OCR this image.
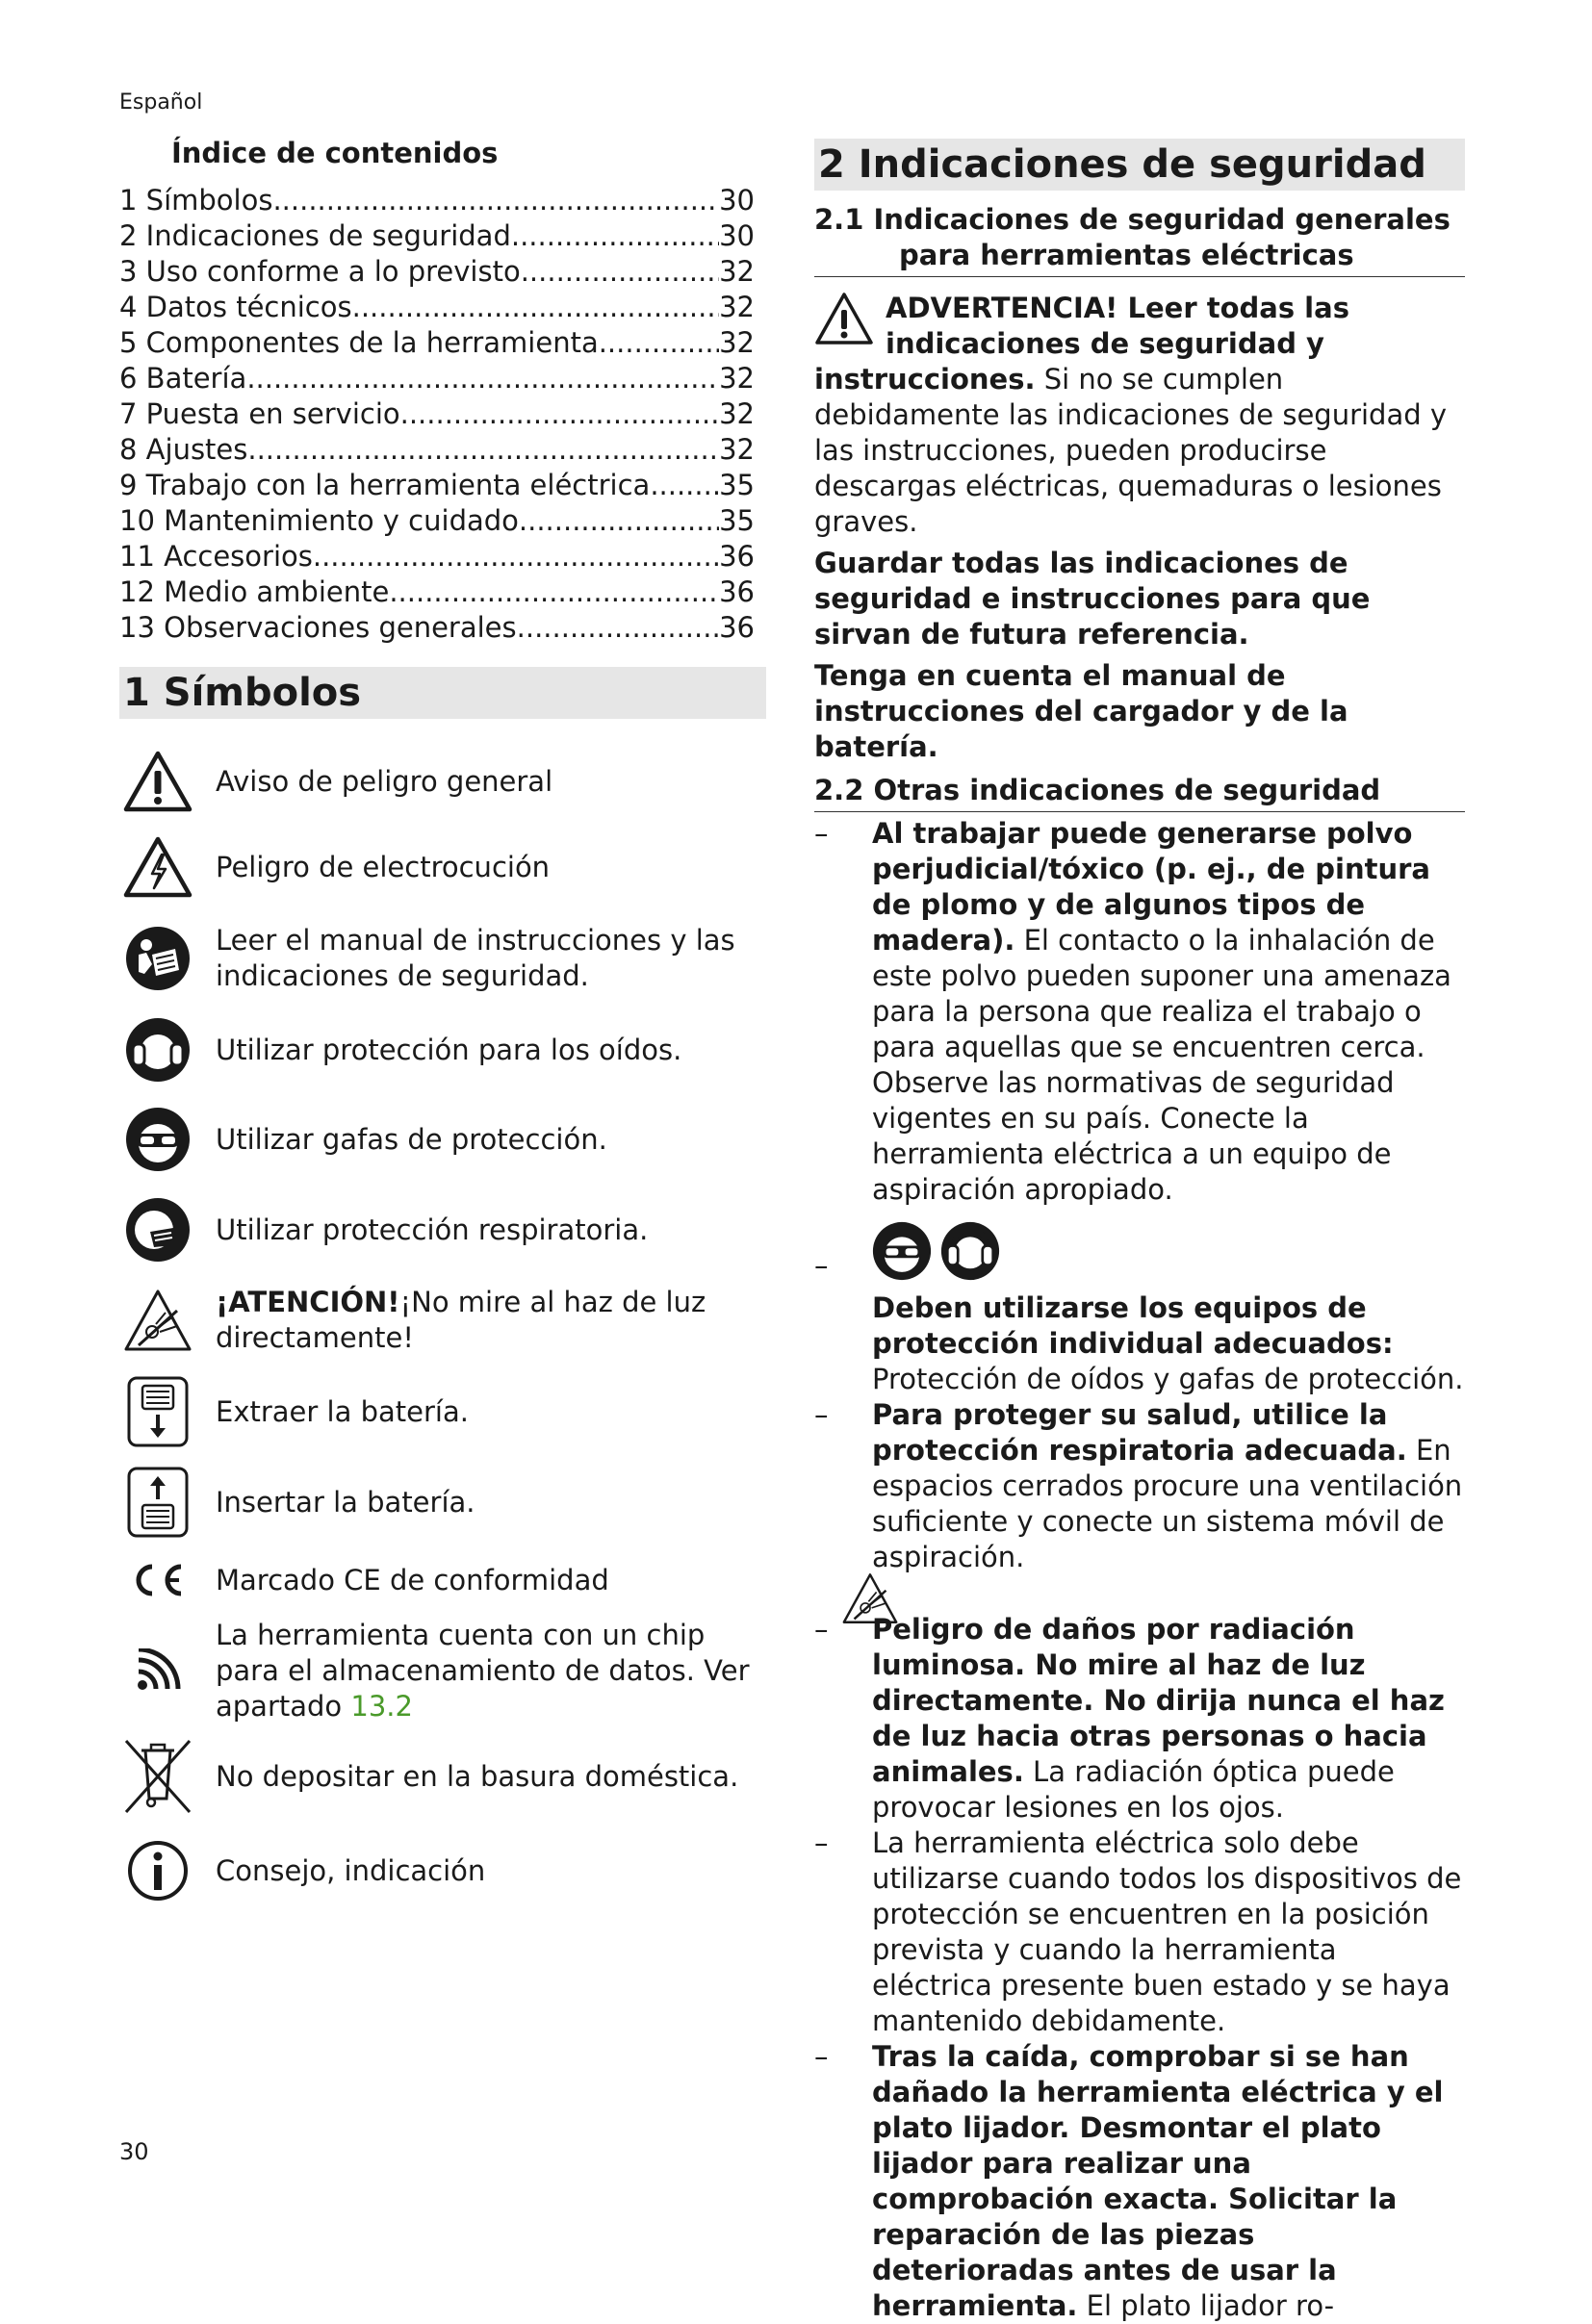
Español
Índice de contenidos
1 Símbolos .....	30
2 Indicaciones de seguridad .....	30
3 Uso conforme a lo previsto .....	32
4 Datos técnicos .....	32
5 Componentes de la herramienta .....	32
6 Batería .....	32
7 Puesta en servicio .....	32
8 Ajustes .....	32
9 Trabajo con la herramienta eléctrica ..... 35
10 Mantenimiento y cuidado .....	35
11 Accesorios .....	36
12 Medio ambiente .....	36
13 Observaciones generales .....	36
1 Símbolos
Aviso de peligro general
Peligro de electrocución
Leer el manual de instrucciones y las indicaciones de seguridad.
Utilizar protección para los oídos.
Utilizar gafas de protección.
Utilizar protección respiratoria.
¡ATENCIÓN!¡No mire al haz de luz directamente!
Extraer la batería.
Insertar la batería.
Marcado CE de conformidad
La herramienta cuenta con un chip para el almacenamiento de datos. Ver apartado 13.2
No depositar en la basura doméstica.
Consejo, indicación
2 Indicaciones de seguridad
2.1 Indicaciones de seguridad generales
para herramientas eléctricas
ADVERTENCIA! Leer todas las indicaciones de seguridad y instrucciones. Si no se cumplen debidamente las indicaciones de seguridad y las instrucciones, pueden producirse descargas eléctricas, quemaduras o lesiones graves.
Guardar todas las indicaciones de seguridad e instrucciones para que sirvan de futura referencia.
Tenga en cuenta el manual de instrucciones del cargador y de la batería.
2.2 Otras indicaciones de seguridad
– Al trabajar puede generarse polvo perjudicial/tóxico (p. ej., de pintura de plomo y de algunos tipos de madera). El contacto o la inhalación de este polvo pueden suponer una amenaza para la persona que realiza el trabajo o para aquellas que se encuentren cerca. Observe las normativas de seguridad vigentes en su país. Conecte la herramienta eléctrica a un equipo de aspiración apropiado.
–

Deben utilizarse los equipos de protección individual adecuados: Protección de oídos y gafas de protección.
– Para proteger su salud, utilice la protección respiratoria adecuada. En espacios cerrados procure una ventilación suficiente y conecte un sistema móvil de aspiración.
– Peligro de daños por radiación luminosa. No mire al haz de luz directamente. No dirija nunca el haz de luz hacia otras personas o hacia animales. La radiación óptica puede provocar lesiones en los ojos.
– La herramienta eléctrica solo debe utilizarse cuando todos los dispositivos de protección se encuentren en la posición prevista y cuando la herramienta eléctrica presente buen estado y se haya mantenido debidamente.
– Tras la caída, comprobar si se han dañado la herramienta eléctrica y el plato lijador. Desmontar el plato lijador para realizar una comprobación exacta. Solicitar la reparación de las piezas deterioradas antes de usar la herramienta. El plato lijador ro-
30
